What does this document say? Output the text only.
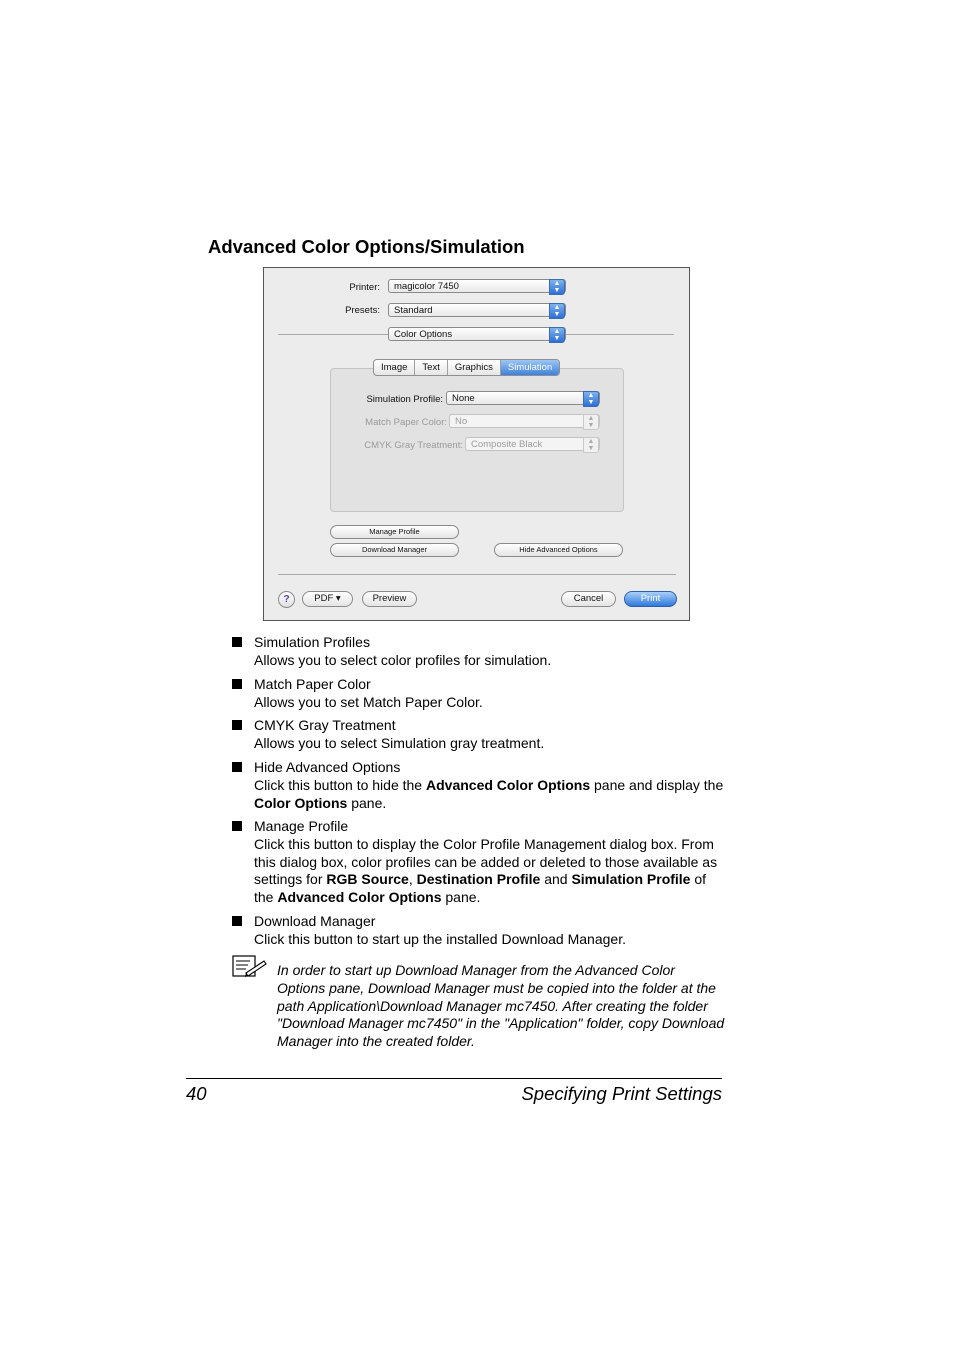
Advanced Color Options/Simulation
Printer:	magicolor 7450	▲
▼
Presets:	Standard	▲
▼
Color Options	▲
▼
Simulation Profile: None	▲
▼
Match Paper Color: No	▲
▼
CMYK Gray Treatment: Composite Black	▲
▼
Image	Text	Graphics	Simulation
Manage Profile
Download Manager	Hide Advanced Options
?	PDF ▾	Preview	Cancel	Print
Simulation Profiles
Allows you to select color profiles for simulation.
Match Paper Color
Allows you to set Match Paper Color.
CMYK Gray Treatment
Allows you to select Simulation gray treatment.
Hide Advanced Options
Click this button to hide the Advanced Color Options pane and display the Color Options pane.
Manage Profile
Click this button to display the Color Profile Management dialog box. From this dialog box, color profiles can be added or deleted to those available as settings for RGB Source, Destination Profile and Simulation Profile of the Advanced Color Options pane.
Download Manager
Click this button to start up the installed Download Manager.
In order to start up Download Manager from the Advanced Color Options pane, Download Manager must be copied into the folder at the path Application\Download Manager mc7450. After creating the folder "Download Manager mc7450" in the "Application" folder, copy Download Manager into the created folder.
40	Specifying Print Settings
